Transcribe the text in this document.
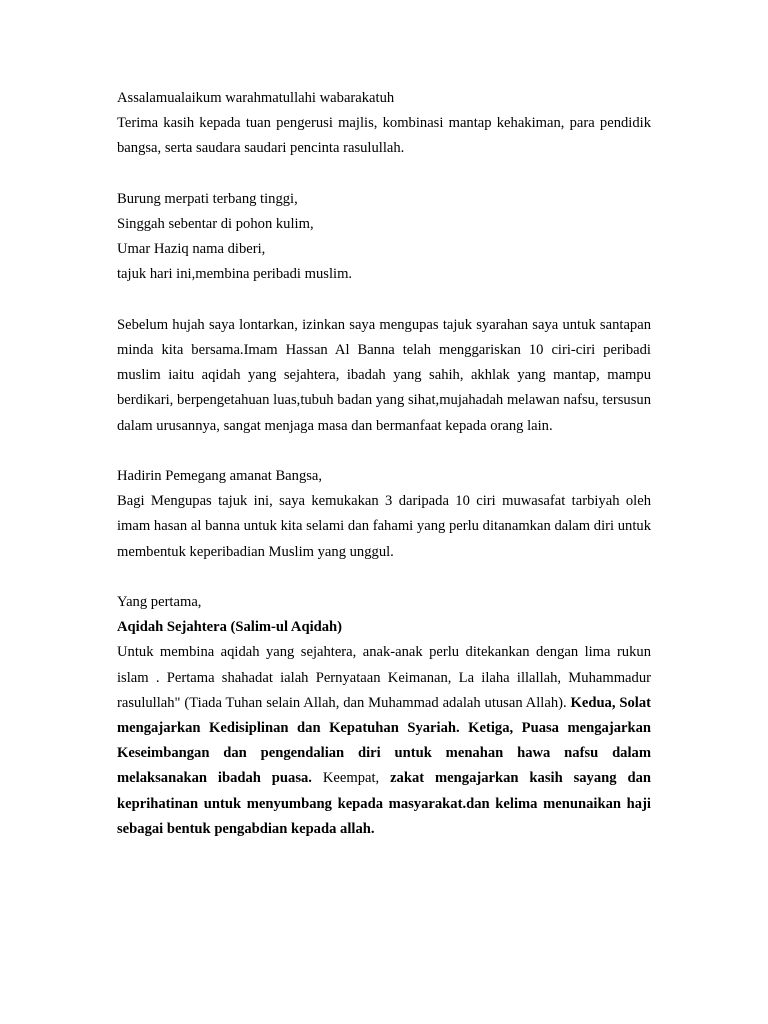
Assalamualaikum warahmatullahi wabarakatuh

Terima kasih kepada tuan pengerusi majlis, kombinasi mantap kehakiman, para pendidik bangsa, serta saudara saudari pencinta rasulullah.

Burung merpati terbang tinggi,

Singgah sebentar di pohon kulim,

Umar Haziq nama diberi,

tajuk hari ini,membina peribadi muslim.

Sebelum hujah saya lontarkan, izinkan saya mengupas tajuk syarahan saya untuk santapan minda kita bersama.Imam Hassan Al Banna telah menggariskan 10 ciri-ciri peribadi muslim iaitu aqidah yang sejahtera, ibadah yang sahih, akhlak yang mantap, mampu berdikari, berpengetahuan luas,tubuh badan yang sihat,mujahadah melawan nafsu, tersusun dalam urusannya, sangat menjaga masa dan bermanfaat kepada orang lain.

Hadirin Pemegang amanat Bangsa,

Bagi Mengupas tajuk ini, saya kemukakan 3 daripada 10 ciri muwasafat tarbiyah oleh imam hasan al banna untuk kita selami dan fahami yang perlu ditanamkan dalam diri untuk membentuk keperibadian Muslim yang unggul.

Yang pertama,

Aqidah Sejahtera (Salim-ul Aqidah)

Untuk membina aqidah yang sejahtera, anak-anak perlu ditekankan dengan lima rukun islam . Pertama shahadat ialah Pernyataan Keimanan, La ilaha illallah, Muhammadur rasulullah" (Tiada Tuhan selain Allah, dan Muhammad adalah utusan Allah). Kedua, Solat mengajarkan Kedisiplinan dan Kepatuhan Syariah. Ketiga, Puasa mengajarkan Keseimbangan dan pengendalian diri untuk menahan hawa nafsu dalam melaksanakan ibadah puasa. Keempat, zakat mengajarkan kasih sayang dan keprihatinan untuk menyumbang kepada masyarakat.dan kelima menunaikan haji sebagai bentuk pengabdian kepada allah.
